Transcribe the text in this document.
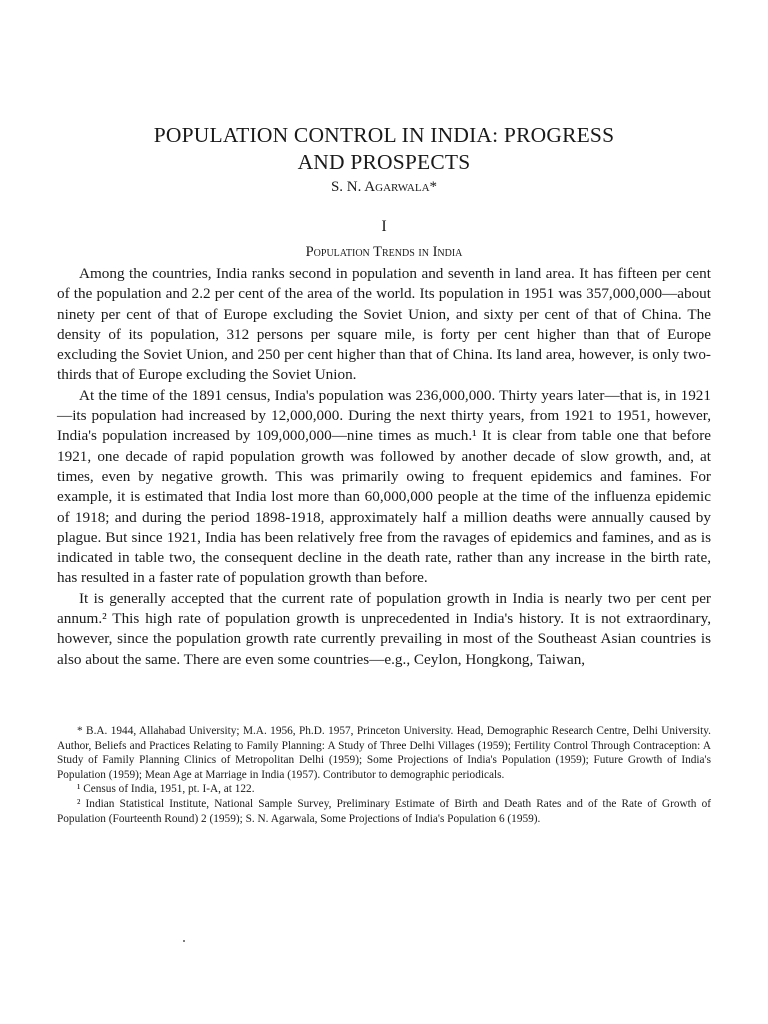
POPULATION CONTROL IN INDIA: PROGRESS
AND PROSPECTS
S. N. Agarwala*
I
Population Trends in India

Among the countries, India ranks second in population and seventh in land area. It has fifteen per cent of the population and 2.2 per cent of the area of the world. Its population in 1951 was 357,000,000—about ninety per cent of that of Europe excluding the Soviet Union, and sixty per cent of that of China. The density of its population, 312 persons per square mile, is forty per cent higher than that of Europe excluding the Soviet Union, and 250 per cent higher than that of China. Its land area, however, is only two-thirds that of Europe excluding the Soviet Union.

At the time of the 1891 census, India's population was 236,000,000. Thirty years later—that is, in 1921—its population had increased by 12,000,000. During the next thirty years, from 1921 to 1951, however, India's population increased by 109,000,000—nine times as much.¹ It is clear from table one that before 1921, one decade of rapid population growth was followed by another decade of slow growth, and, at times, even by negative growth. This was primarily owing to frequent epidemics and famines. For example, it is estimated that India lost more than 60,000,000 people at the time of the influenza epidemic of 1918; and during the period 1898-1918, approximately half a million deaths were annually caused by plague. But since 1921, India has been relatively free from the ravages of epidemics and famines, and as is indicated in table two, the consequent decline in the death rate, rather than any increase in the birth rate, has resulted in a faster rate of population growth than before.

It is generally accepted that the current rate of population growth in India is nearly two per cent per annum.² This high rate of population growth is unprecedented in India's history. It is not extraordinary, however, since the population growth rate currently prevailing in most of the Southeast Asian countries is also about the same. There are even some countries—e.g., Ceylon, Hongkong, Taiwan,

* B.A. 1944, Allahabad University; M.A. 1956, Ph.D. 1957, Princeton University. Head, Demographic Research Centre, Delhi University. Author, Beliefs and Practices Relating to Family Planning: A Study of Three Delhi Villages (1959); Fertility Control Through Contraception: A Study of Family Planning Clinics of Metropolitan Delhi (1959); Some Projections of India's Population (1959); Future Growth of India's Population (1959); Mean Age at Marriage in India (1957). Contributor to demographic periodicals.

¹ Census of India, 1951, pt. I-A, at 122.

² Indian Statistical Institute, National Sample Survey, Preliminary Estimate of Birth and Death Rates and of the Rate of Growth of Population (Fourteenth Round) 2 (1959); S. N. Agarwala, Some Projections of India's Population 6 (1959).
